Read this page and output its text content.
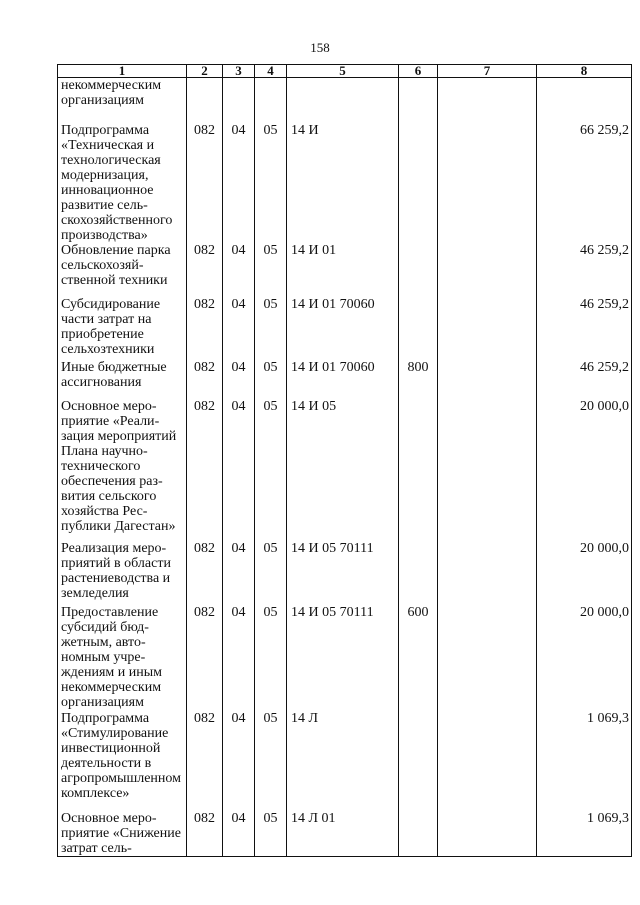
158
1	2	3	4	5	6	7	8
некоммерческим организациям							
Подпрограмма «Техническая и технологическая модернизация, инновационное развитие сельскохозяйственного производства»	082	04	05	14 И			66 259,2
Обновление парка сельскохозяйственной техники	082	04	05	14 И 01			46 259,2
Субсидирование части затрат на приобретение сельхозтехники	082	04	05	14 И 01 70060			46 259,2
Иные бюджетные ассигнования	082	04	05	14 И 01 70060	800		46 259,2
Основное мероприятие «Реализация мероприятий Плана научно-технического обеспечения развития сельского хозяйства Республики Дагестан»	082	04	05	14 И 05			20 000,0
Реализация мероприятий в области растениеводства и земледелия	082	04	05	14 И 05 70111			20 000,0
Предоставление субсидий бюджетным, автономным учреждениям и иным некоммерческим организациям	082	04	05	14 И 05 70111	600		20 000,0
Подпрограмма «Стимулирование инвестиционной деятельности в агропромышленном комплексе»	082	04	05	14 Л			1 069,3
Основное мероприятие «Снижение затрат сель-	082	04	05	14 Л 01			1 069,3
